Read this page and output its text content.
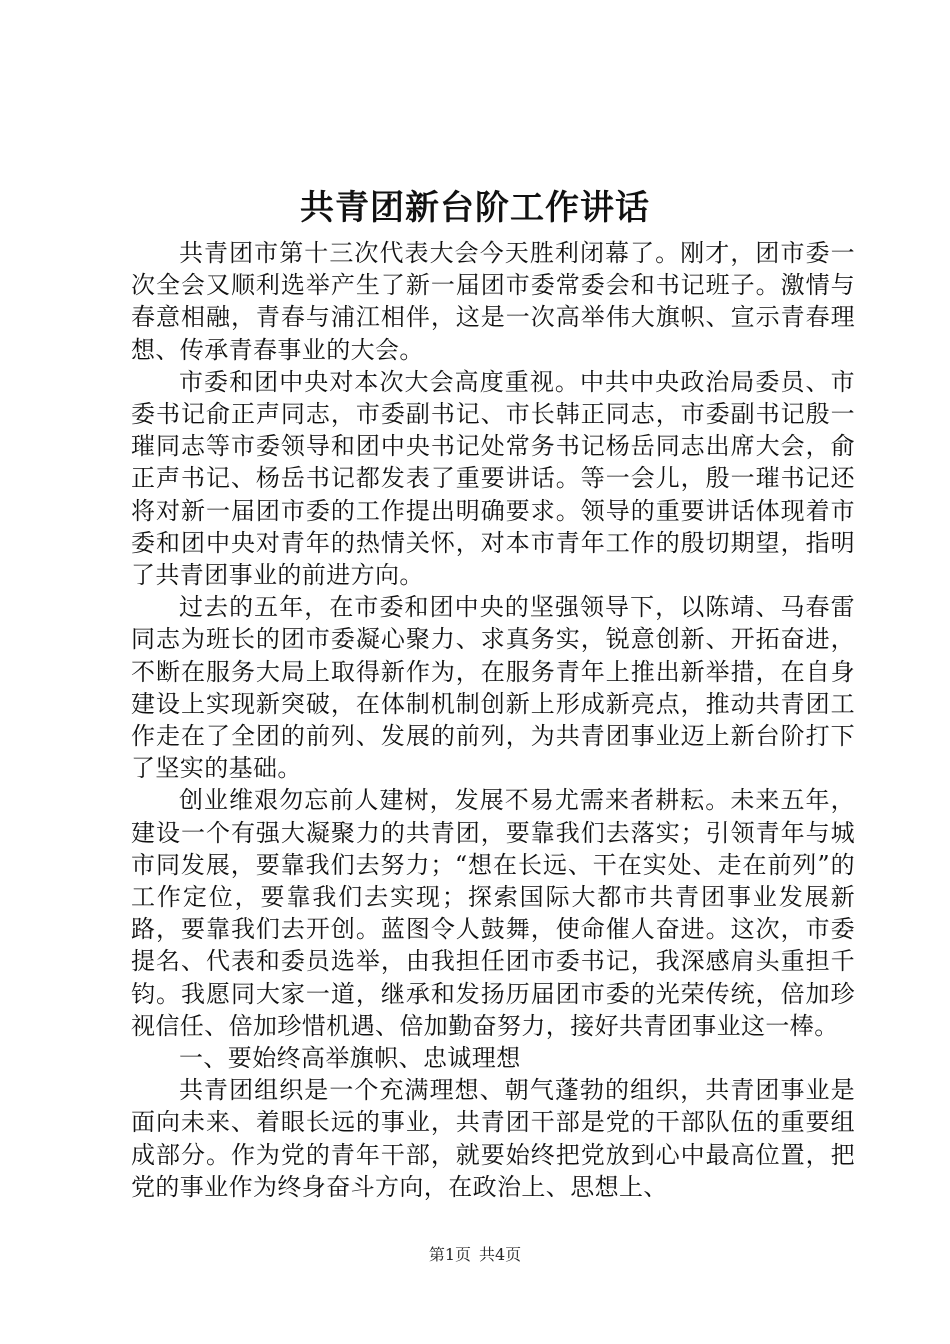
共青团新台阶工作讲话

共青团市第十三次代表大会今天胜利闭幕了。刚才，团市委一次全会又顺利选举产生了新一届团市委常委会和书记班子。激情与春意相融，青春与浦江相伴，这是一次高举伟大旗帜、宣示青春理想、传承青春事业的大会。

市委和团中央对本次大会高度重视。中共中央政治局委员、市委书记俞正声同志，市委副书记、市长韩正同志，市委副书记殷一璀同志等市委领导和团中央书记处常务书记杨岳同志出席大会，俞正声书记、杨岳书记都发表了重要讲话。等一会儿，殷一璀书记还将对新一届团市委的工作提出明确要求。领导的重要讲话体现着市委和团中央对青年的热情关怀，对本市青年工作的殷切期望，指明了共青团事业的前进方向。

过去的五年，在市委和团中央的坚强领导下，以陈靖、马春雷同志为班长的团市委凝心聚力、求真务实，锐意创新、开拓奋进，不断在服务大局上取得新作为，在服务青年上推出新举措，在自身建设上实现新突破，在体制机制创新上形成新亮点，推动共青团工作走在了全团的前列、发展的前列，为共青团事业迈上新台阶打下了坚实的基础。

创业维艰勿忘前人建树，发展不易尤需来者耕耘。未来五年，建设一个有强大凝聚力的共青团，要靠我们去落实；引领青年与城市同发展，要靠我们去努力；“想在长远、干在实处、走在前列”的工作定位，要靠我们去实现；探索国际大都市共青团事业发展新路，要靠我们去开创。蓝图令人鼓舞，使命催人奋进。这次，市委提名、代表和委员选举，由我担任团市委书记，我深感肩头重担千钧。我愿同大家一道，继承和发扬历届团市委的光荣传统，倍加珍视信任、倍加珍惜机遇、倍加勤奋努力，接好共青团事业这一棒。

一、要始终高举旗帜、忠诚理想

共青团组织是一个充满理想、朝气蓬勃的组织，共青团事业是面向未来、着眼长远的事业，共青团干部是党的干部队伍的重要组成部分。作为党的青年干部，就要始终把党放到心中最高位置，把党的事业作为终身奋斗方向，在政治上、思想上、

第1页 共4页
